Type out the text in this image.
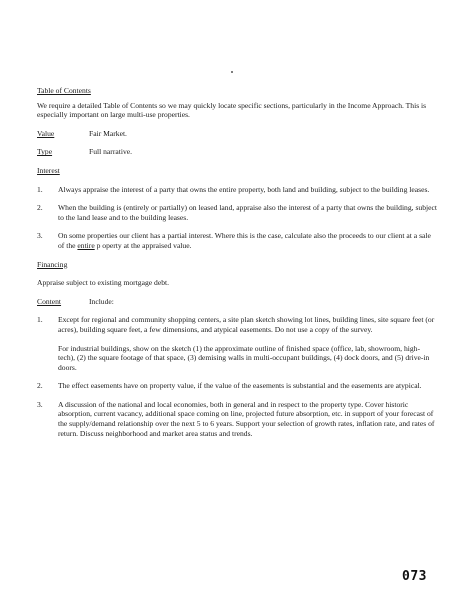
Table of Contents

We require a detailed Table of Contents so we may quickly locate specific sections, particularly in the Income Approach. This is especially important on large multi-use properties.

Value	Fair Market.
Type	Full narrative.

Interest

1.	Always appraise the interest of a party that owns the entire property, both land and building, subject to the building leases.
2.	When the building is (entirely or partially) on leased land, appraise also the interest of a party that owns the building, subject to the land lease and to the building leases.
3.	On some properties our client has a partial interest. Where this is the case, calculate also the proceeds to our client at a sale of the entire p operty at the appraised value.

Financing

Appraise subject to existing mortgage debt.

Content	Include:
1.	Except for regional and community shopping centers, a site plan sketch showing lot lines, building lines, site square feet (or acres), building square feet, a few dimensions, and atypical easements. Do not use a copy of the survey.

For industrial buildings, show on the sketch (1) the approximate outline of finished space (office, lab, showroom, high-tech), (2) the square footage of that space, (3) demising walls in multi-occupant buildings, (4) dock doors, and (5) drive-in doors.

2.	The effect easements have on property value, if the value of the easements is substantial and the easements are atypical.
3.	A discussion of the national and local economies, both in general and in respect to the property type. Cover historic absorption, current vacancy, additional space coming on line, projected future absorption, etc. in support of your forecast of the supply/demand relationship over the next 5 to 6 years. Support your selection of growth rates, inflation rate, and rates of return. Discuss neighborhood and market area status and trends.
073
